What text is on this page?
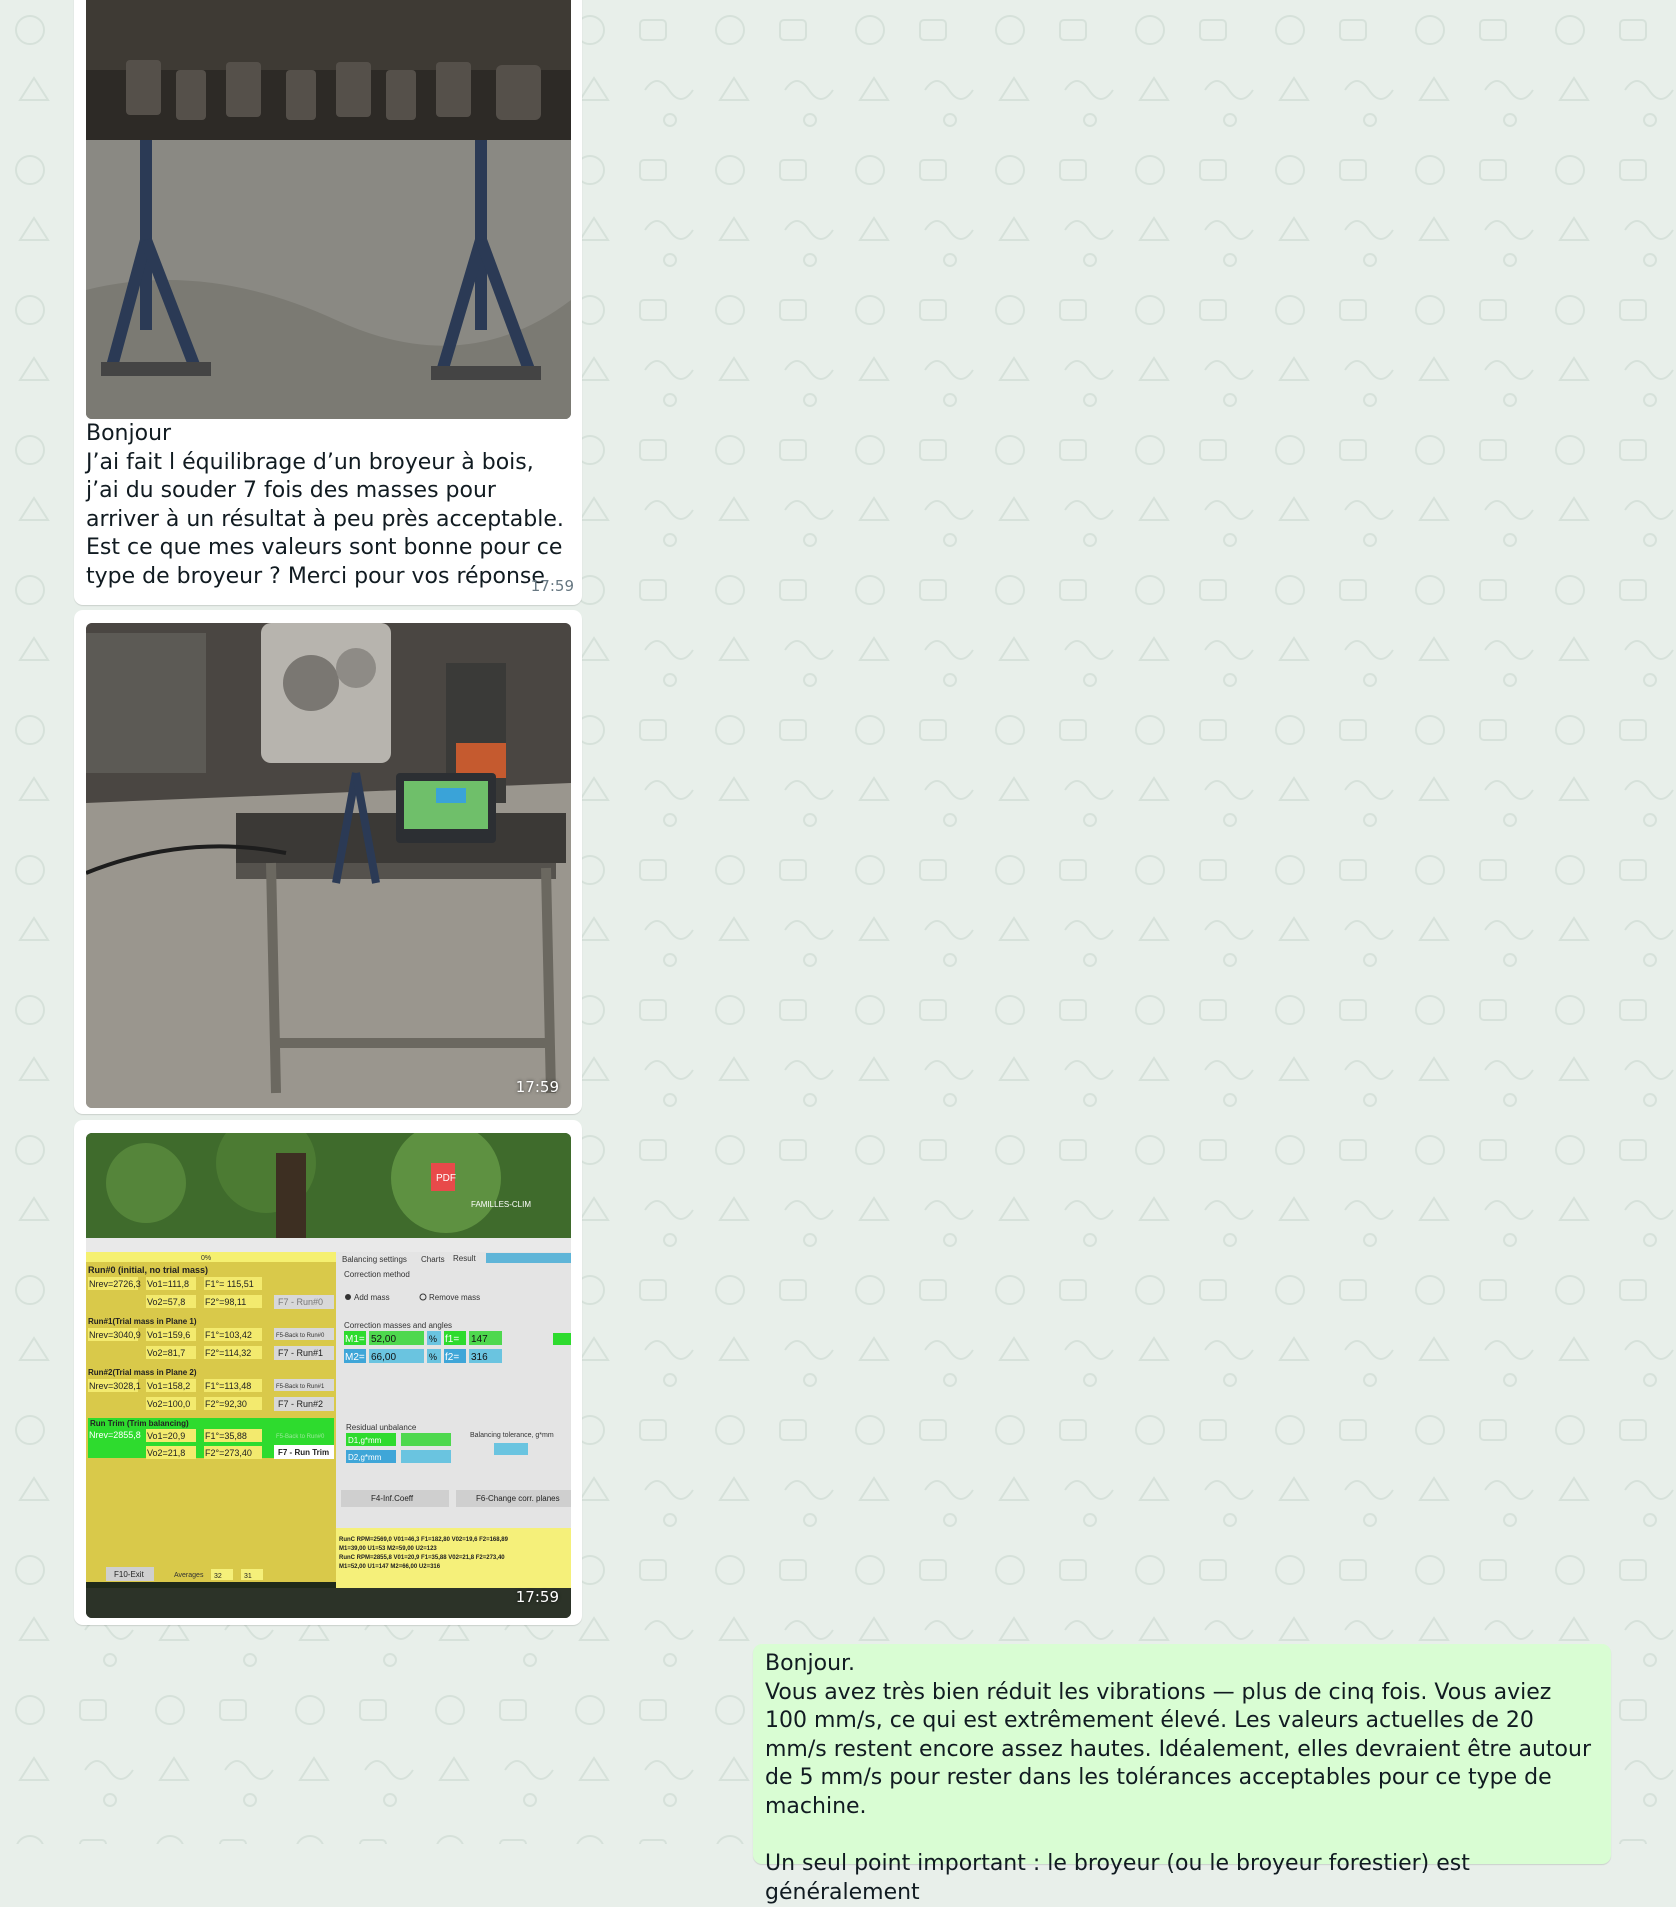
Bonjour
J’ai fait l équilibrage d’un broyeur à bois, j’ai du souder 7 fois des masses pour arriver à un résultat à peu près acceptable.
Est ce que mes valeurs sont bonne pour ce type de broyeur ? Merci pour vos réponse
17:59
17:59
PDF
FAMILLES-CLIM
0%
Run#0 (initial, no trial mass)
Nrev=2726,3 Vo1=111,8 F1°= 115,51
Vo2=57,8 F2°=98,11	F7 - Run#0
Run#1(Trial mass in Plane 1)
Nrev=3040,9 Vo1=159,6 F1°=103,42	F5-Back to Run#0
Vo2=81,7 F2°=114,32	F7 - Run#1
Run#2(Trial mass in Plane 2)
Nrev=3028,1 Vo1=158,2 F1°=113,48	F5-Back to Run#1
Vo2=100,0 F2°=92,30	F7 - Run#2
Run Trim (Trim balancing)
Nrev=2855,8 Vo1=20,9 F1°=35,88	F5-Back to Run#0
Vo2=21,8 F2°=273,40	F7 - Run Trim
Balancing settings Charts Result
Correction method
Add mass	Remove mass
Correction masses and angles
M1= 52,00	% f1= 147
M2= 66,00	% f2= 316
Residual unbalance
D1,g*mm
D2,g*mm
Balancing tolerance, g*mm
F4-Inf.Coeff	F6-Change corr. planes
RunC RPM=2569,0 V01=46,3 F1=182,80 V02=19,6 F2=168,89
M1=39,00 U1=53 M2=59,00 U2=123
RunC RPM=2855,8 V01=20,9 F1=35,88 V02=21,8 F2=273,40
M1=52,00 U1=147 M2=66,00 U2=316
F10-Exit	Averages 32	31
17:59
Bonjour.
Vous avez très bien réduit les vibrations — plus de cinq fois. Vous aviez 100 mm/s, ce qui est extrêmement élevé. Les valeurs actuelles de 20 mm/s restent encore assez hautes. Idéalement, elles devraient être autour de 5 mm/s pour rester dans les tolérances acceptables pour ce type de machine.

Un seul point important : le broyeur (ou le broyeur forestier) est généralement
